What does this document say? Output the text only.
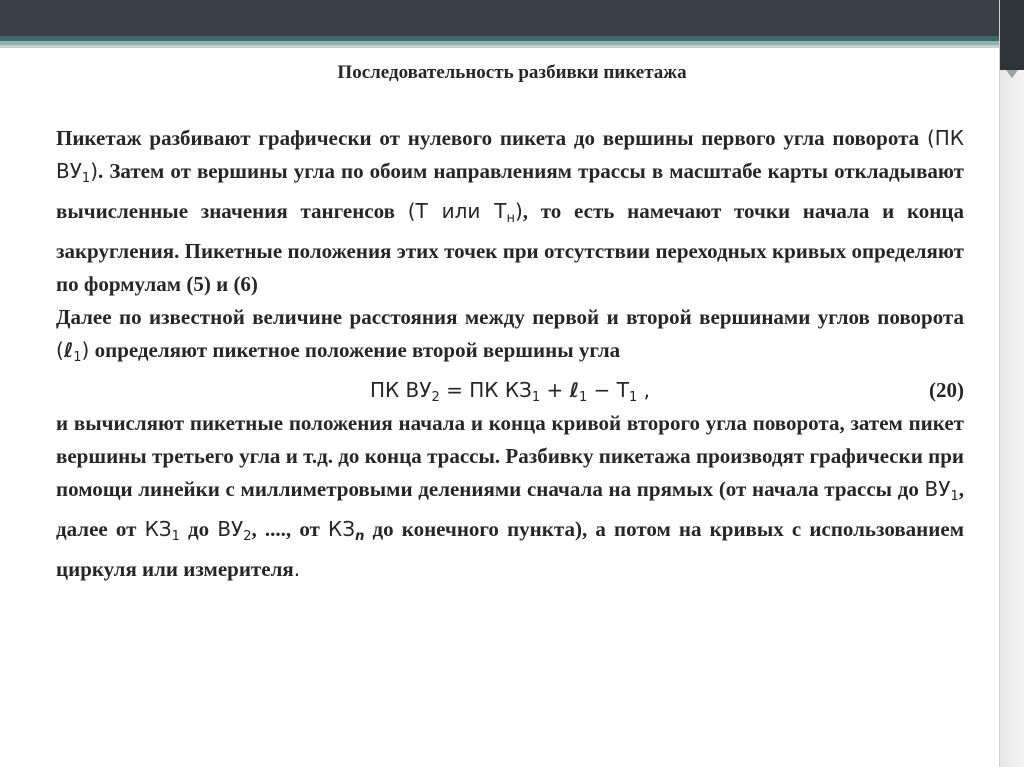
Последовательность разбивки пикетажа

Пикетаж разбивают графически от нулевого пикета до вершины первого угла поворота (ПК $ВУ_1$). Затем от вершины угла по обоим направлениям трассы в масштабе карты откладывают вычисленные значения тангенсов (Т или $Т_н$), то есть намечают точки начала и конца закругления. Пикетные положения этих точек при отсутствии переходных кривых определяют по формулам (5) и (6)

Далее по известной величине расстояния между первой и второй вершинами углов поворота (ℓ$_1$) определяют пикетное положение второй вершины угла

ПК $ВУ_2$ = ПК $КЗ_1$ + ℓ$_1$ − $Т_1$ ,	(20)

и вычисляют пикетные положения начала и конца кривой второго угла поворота, затем пикет вершины третьего угла и т.д. до конца трассы. Разбивку пикетажа производят графически при помощи линейки с миллиметровыми делениями сначала на прямых (от начала трассы до $ВУ_1$, далее от $КЗ_1$ до $ВУ_2$, ...., от $КЗ_n$ до конечного пункта), а потом на кривых с использованием циркуля или измерителя.
